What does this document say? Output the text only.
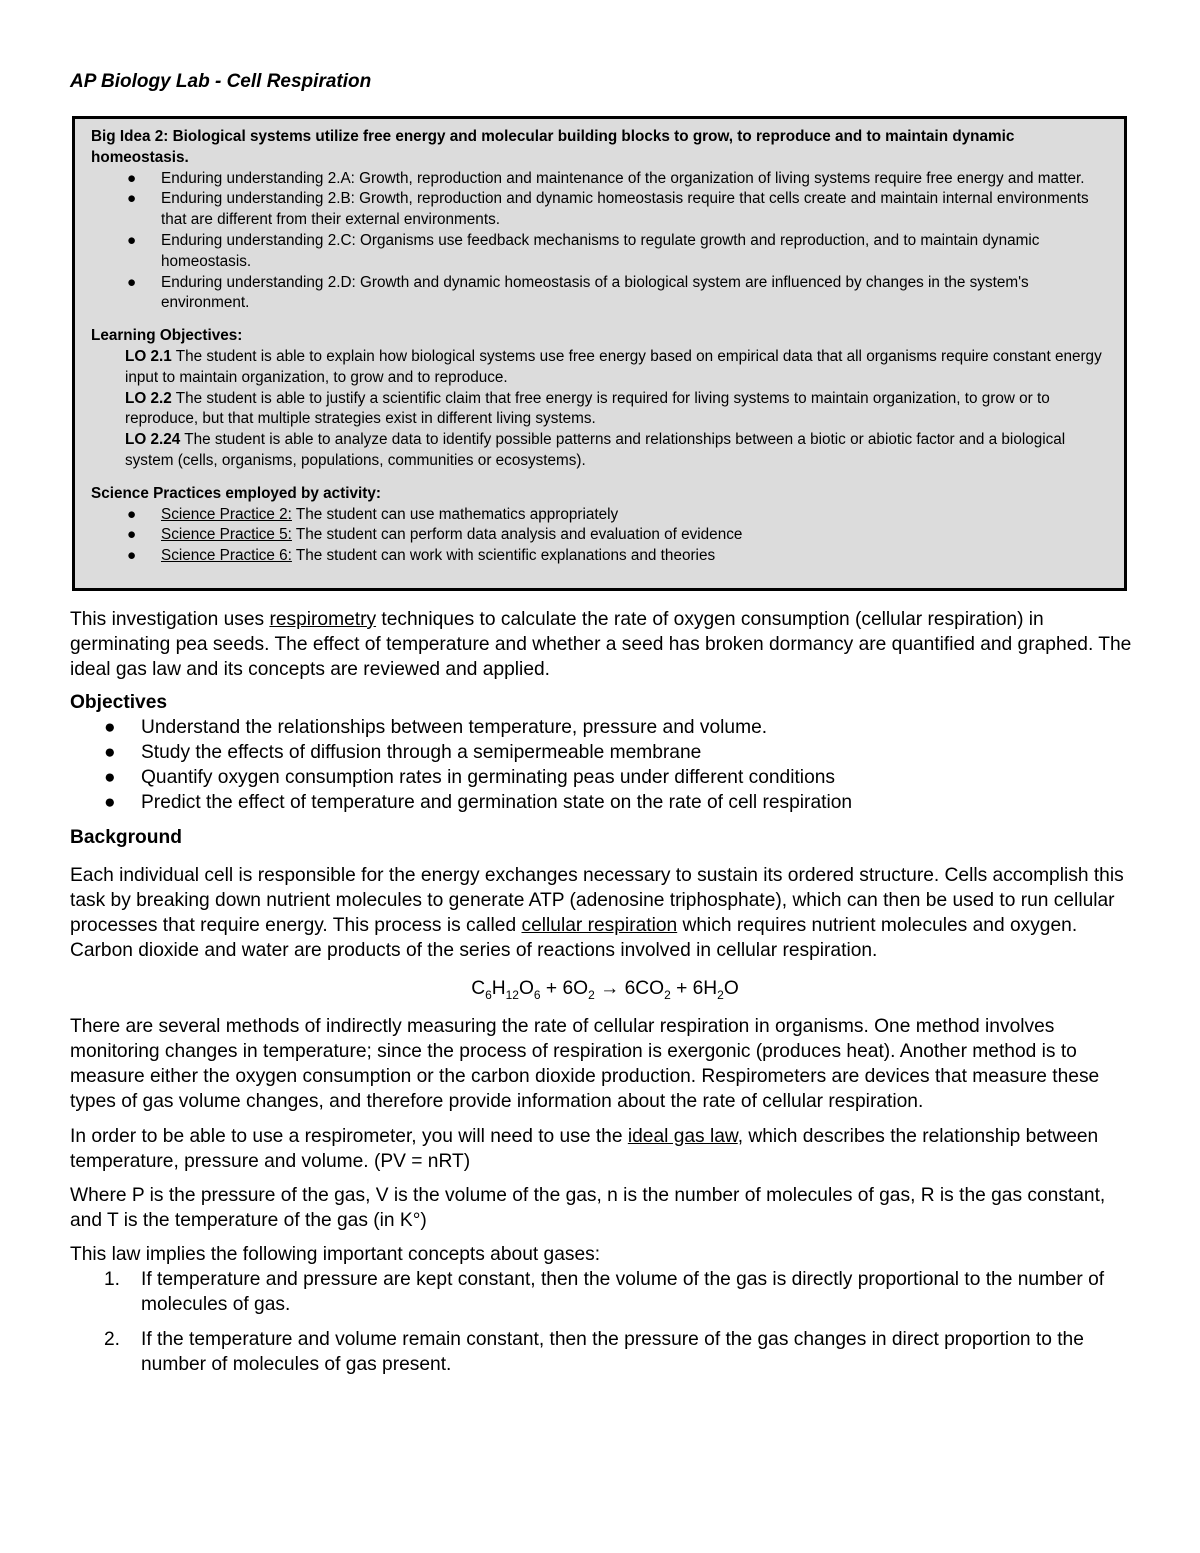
AP Biology Lab - Cell Respiration

Big Idea 2: Biological systems utilize free energy and molecular building blocks to grow, to reproduce and to maintain dynamic homeostasis.

● Enduring understanding 2.A: Growth, reproduction and maintenance of the organization of living systems require free energy and matter.
● Enduring understanding 2.B: Growth, reproduction and dynamic homeostasis require that cells create and maintain internal environments that are different from their external environments.
● Enduring understanding 2.C: Organisms use feedback mechanisms to regulate growth and reproduction, and to maintain dynamic homeostasis.
● Enduring understanding 2.D: Growth and dynamic homeostasis of a biological system are influenced by changes in the system's environment.

Learning Objectives:

LO 2.1 The student is able to explain how biological systems use free energy based on empirical data that all organisms require constant energy input to maintain organization, to grow and to reproduce.

LO 2.2 The student is able to justify a scientific claim that free energy is required for living systems to maintain organization, to grow or to reproduce, but that multiple strategies exist in different living systems.

LO 2.24 The student is able to analyze data to identify possible patterns and relationships between a biotic or abiotic factor and a biological system (cells, organisms, populations, communities or ecosystems).

Science Practices employed by activity:

● Science Practice 2: The student can use mathematics appropriately
● Science Practice 5: The student can perform data analysis and evaluation of evidence
● Science Practice 6: The student can work with scientific explanations and theories

This investigation uses respirometry techniques to calculate the rate of oxygen consumption (cellular respiration) in germinating pea seeds. The effect of temperature and whether a seed has broken dormancy are quantified and graphed. The ideal gas law and its concepts are reviewed and applied.

Objectives

● Understand the relationships between temperature, pressure and volume.
● Study the effects of diffusion through a semipermeable membrane
● Quantify oxygen consumption rates in germinating peas under different conditions
● Predict the effect of temperature and germination state on the rate of cell respiration

Background

Each individual cell is responsible for the energy exchanges necessary to sustain its ordered structure. Cells accomplish this task by breaking down nutrient molecules to generate ATP (adenosine triphosphate), which can then be used to run cellular processes that require energy. This process is called cellular respiration which requires nutrient molecules and oxygen. Carbon dioxide and water are products of the series of reactions involved in cellular respiration.

$C_6H_{12}O_6 + 6O_2 \to 6CO_2 + 6H_2O$

There are several methods of indirectly measuring the rate of cellular respiration in organisms. One method involves monitoring changes in temperature; since the process of respiration is exergonic (produces heat). Another method is to measure either the oxygen consumption or the carbon dioxide production. Respirometers are devices that measure these types of gas volume changes, and therefore provide information about the rate of cellular respiration.

In order to be able to use a respirometer, you will need to use the ideal gas law, which describes the relationship between temperature, pressure and volume. (PV = nRT)

Where P is the pressure of the gas, V is the volume of the gas, n is the number of molecules of gas, R is the gas constant, and T is the temperature of the gas (in K°)

This law implies the following important concepts about gases:

1. If temperature and pressure are kept constant, then the volume of the gas is directly proportional to the number of molecules of gas.
2. If the temperature and volume remain constant, then the pressure of the gas changes in direct proportion to the number of molecules of gas present.
